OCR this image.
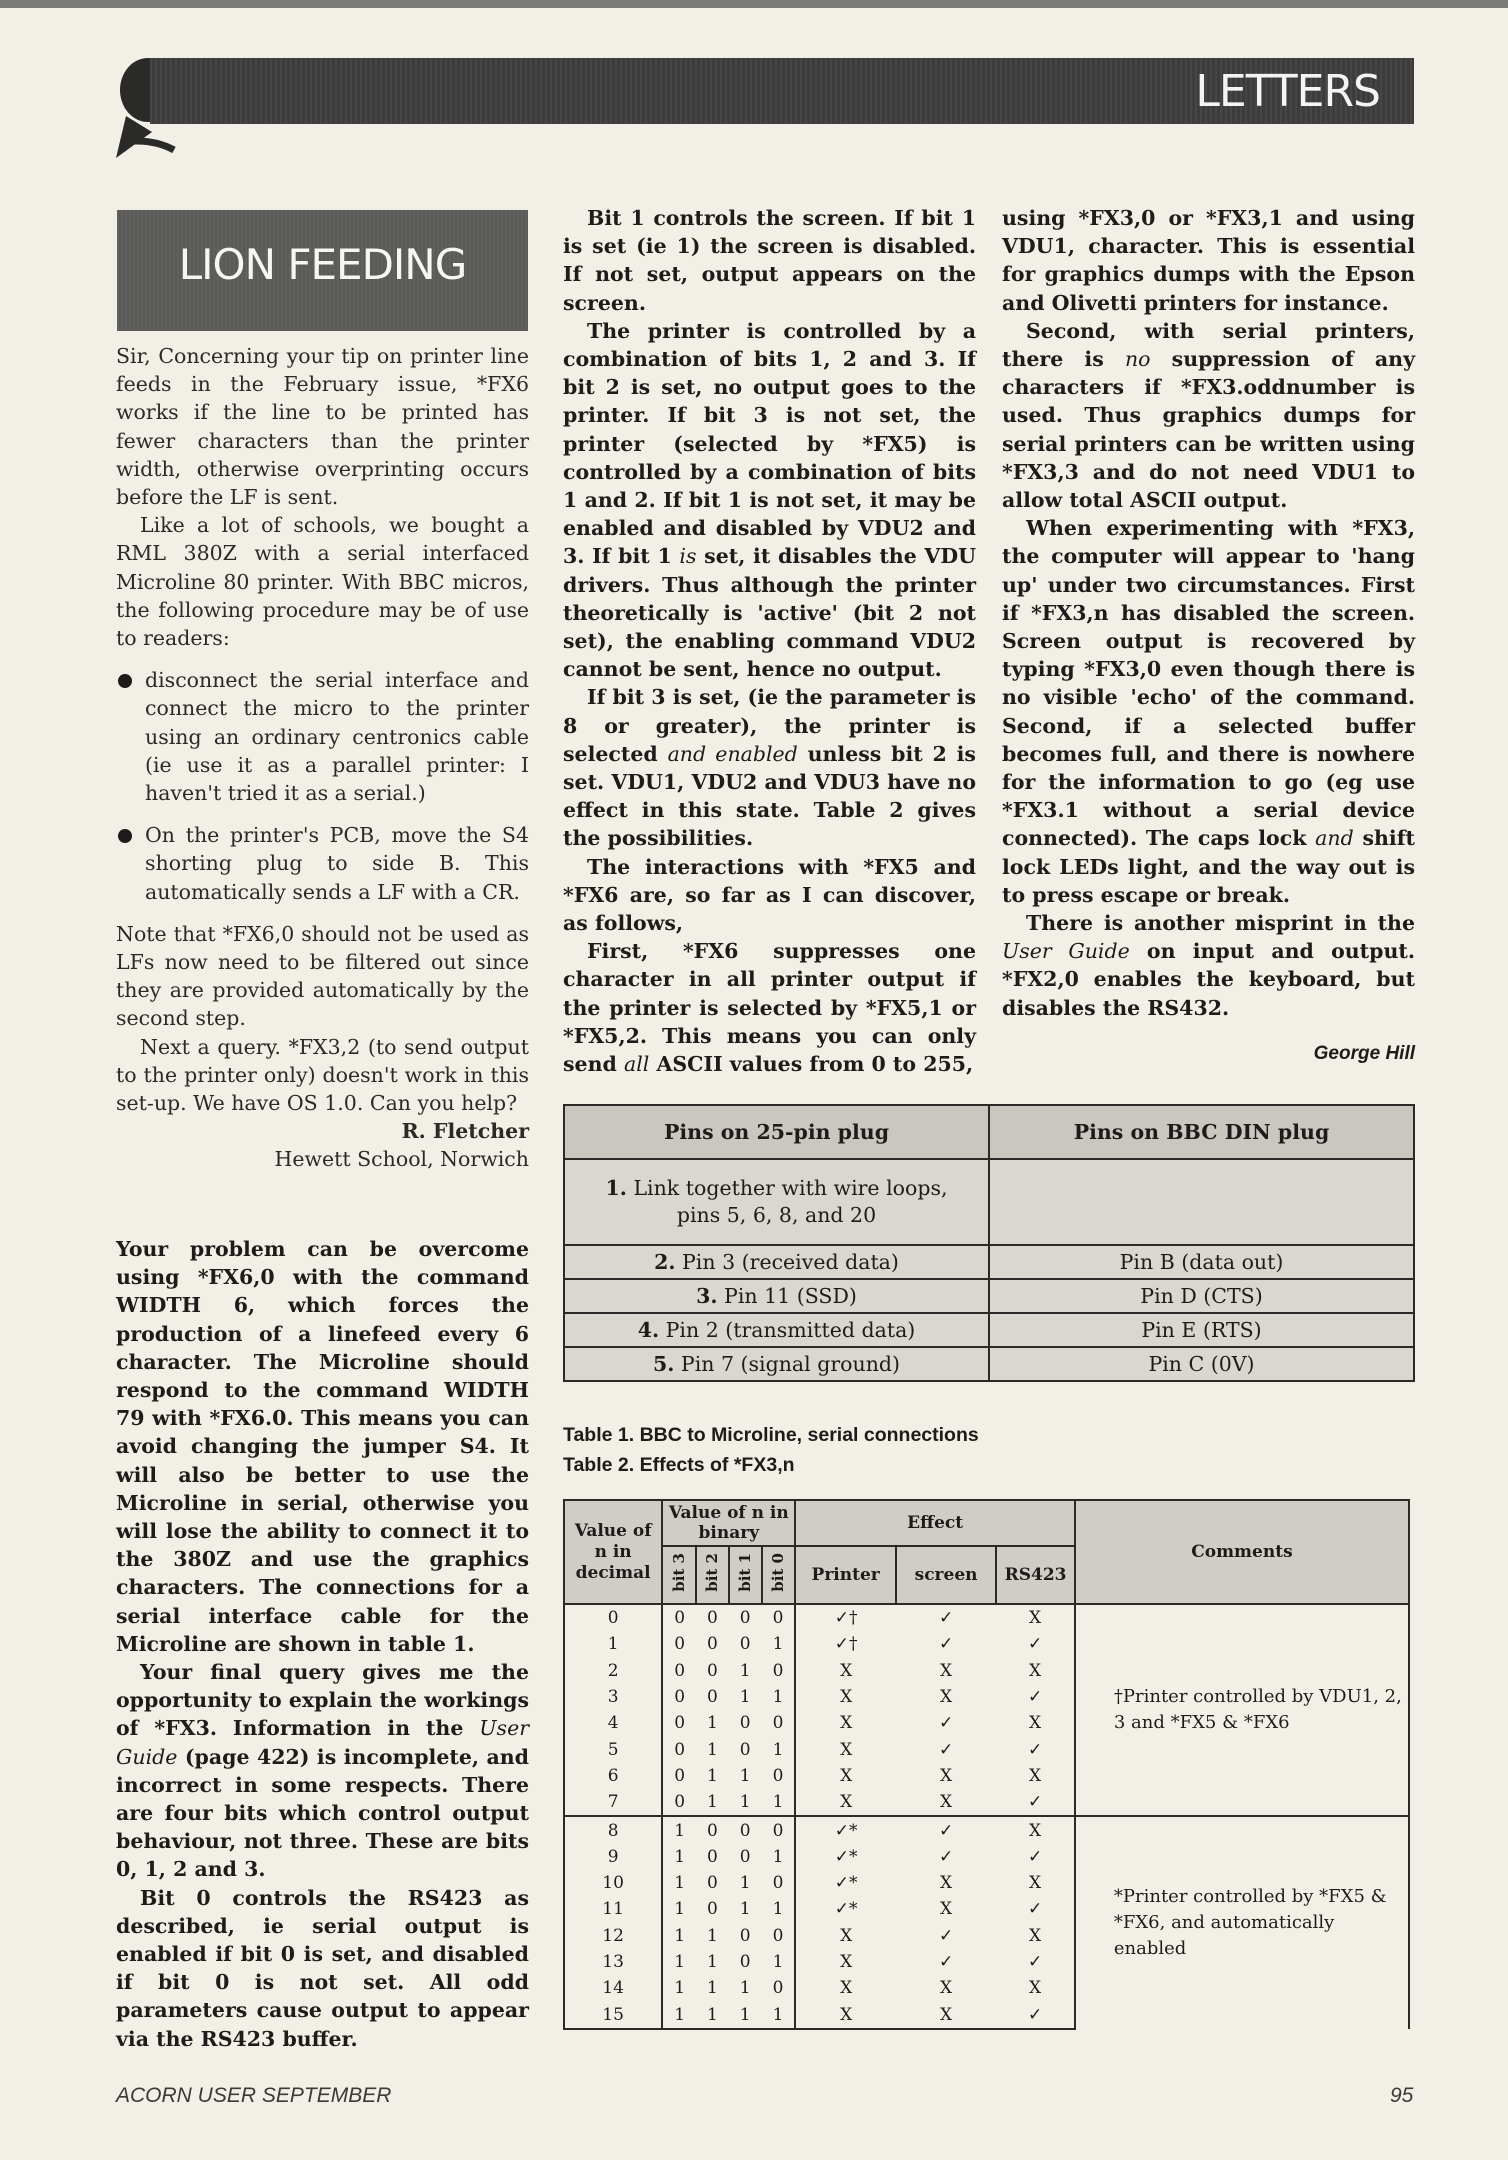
LETTERS
LION FEEDING

Sir, Concerning your tip on printer line feeds in the February issue, *FX6 works if the line to be printed has fewer characters than the printer width, otherwise overprinting occurs before the LF is sent.

Like a lot of schools, we bought a RML 380Z with a serial interfaced Microline 80 printer. With BBC micros, the following procedure may be of use to readers:

disconnect the serial interface and connect the micro to the printer using an ordinary centronics cable (ie use it as a parallel printer: I haven't tried it as a serial.)

On the printer's PCB, move the S4 shorting plug to side B. This automatically sends a LF with a CR.

Note that *FX6,0 should not be used as LFs now need to be filtered out since they are provided automatically by the second step.

Next a query. *FX3,2 (to send output to the printer only) doesn't work in this set-up. We have OS 1.0. Can you help?

R. Fletcher

Hewett School, Norwich

Your problem can be overcome using *FX6,0 with the command WIDTH 6, which forces the production of a linefeed every 6 character. The Microline should respond to the command WIDTH 79 with *FX6.0. This means you can avoid changing the jumper S4. It will also be better to use the Microline in serial, otherwise you will lose the ability to connect it to the 380Z and use the graphics characters. The connections for a serial interface cable for the Microline are shown in table 1.

Your final query gives me the opportunity to explain the workings of *FX3. Information in the User Guide (page 422) is incomplete, and incorrect in some respects. There are four bits which control output behaviour, not three. These are bits 0, 1, 2 and 3.

Bit 0 controls the RS423 as described, ie serial output is enabled if bit 0 is set, and disabled if bit 0 is not set. All odd parameters cause output to appear via the RS423 buffer.

Bit 1 controls the screen. If bit 1 is set (ie 1) the screen is disabled. If not set, output appears on the screen.

The printer is controlled by a combination of bits 1, 2 and 3. If bit 2 is set, no output goes to the printer. If bit 3 is not set, the printer (selected by *FX5) is controlled by a combination of bits 1 and 2. If bit 1 is not set, it may be enabled and disabled by VDU2 and 3. If bit 1 is set, it disables the VDU drivers. Thus although the printer theoretically is 'active' (bit 2 not set), the enabling command VDU2 cannot be sent, hence no output.

If bit 3 is set, (ie the parameter is 8 or greater), the printer is selected and enabled unless bit 2 is set. VDU1, VDU2 and VDU3 have no effect in this state. Table 2 gives the possibilities.

The interactions with *FX5 and *FX6 are, so far as I can discover, as follows,

First, *FX6 suppresses one character in all printer output if the printer is selected by *FX5,1 or *FX5,2. This means you can only send all ASCII values from 0 to 255,

using *FX3,0 or *FX3,1 and using VDU1, character. This is essential for graphics dumps with the Epson and Olivetti printers for instance.

Second, with serial printers, there is no suppression of any characters if *FX3.oddnumber is used. Thus graphics dumps for serial printers can be written using *FX3,3 and do not need VDU1 to allow total ASCII output.

When experimenting with *FX3, the computer will appear to 'hang up' under two circumstances. First if *FX3,n has disabled the screen. Screen output is recovered by typing *FX3,0 even though there is no visible 'echo' of the command. Second, if a selected buffer becomes full, and there is nowhere for the information to go (eg use *FX3.1 without a serial device connected). The caps lock and shift lock LEDs light, and the way out is to press escape or break.

There is another misprint in the User Guide on input and output. *FX2,0 enables the keyboard, but disables the RS432.

George Hill

Pins on 25-pin plug	Pins on BBC DIN plug
1. Link together with wire loops, pins 5, 6, 8, and 20	
2. Pin 3 (received data)	Pin B (data out)
3. Pin 11 (SSD)	Pin D (CTS)
4. Pin 2 (transmitted data)	Pin E (RTS)
5. Pin 7 (signal ground)	Pin C (0V)
Table 1. BBC to Microline, serial connections
Table 2. Effects of *FX3,n
Value of n in decimal	Value of n in binary				Effect			Comments
	bit 3	bit 2	bit 1	bit 0	Printer	screen	RS423	
0	0	0	0	0	✓†	✓	X	†Printer controlled by VDU1, 2, 3 and *FX5 & *FX6
1	0	0	0	1	✓†	✓	✓	
2	0	0	1	0	X	X	X	
3	0	0	1	1	X	X	✓	
4	0	1	0	0	X	✓	X	
5	0	1	0	1	X	✓	✓	
6	0	1	1	0	X	X	X	
7	0	1	1	1	X	X	✓	
8	1	0	0	0	✓*	✓	X	*Printer controlled by *FX5 & *FX6, and automatically enabled
9	1	0	0	1	✓*	✓	✓	
10	1	0	1	0	✓*	X	X	
11	1	0	1	1	✓*	X	✓	
12	1	1	0	0	X	✓	X	
13	1	1	0	1	X	✓	✓	
14	1	1	1	0	X	X	X	
15	1	1	1	1	X	X	✓	
ACORN USER SEPTEMBER	95
